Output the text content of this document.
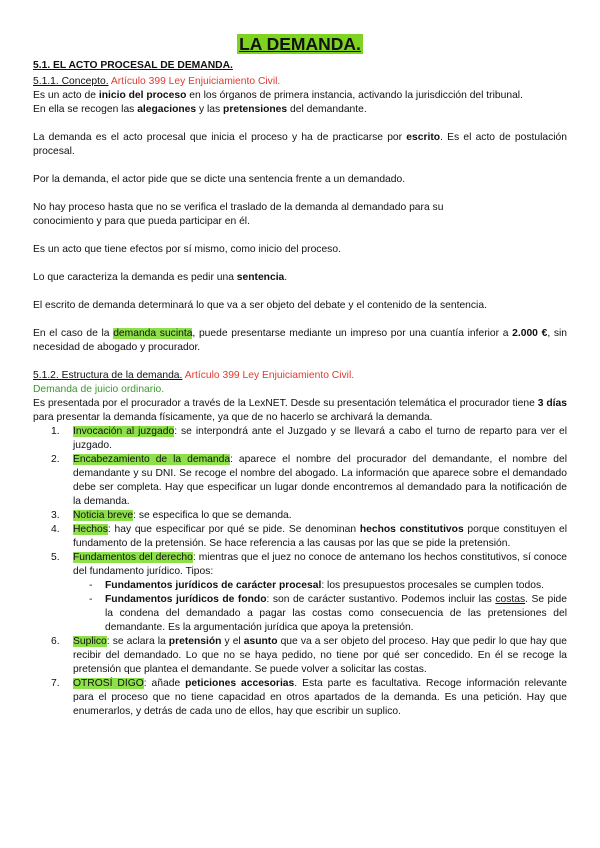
LA DEMANDA.
5.1. EL ACTO PROCESAL DE DEMANDA.
5.1.1. Concepto. Artículo 399 Ley Enjuiciamiento Civil.

Es un acto de inicio del proceso en los órganos de primera instancia, activando la jurisdicción del tribunal.
En ella se recogen las alegaciones y las pretensiones del demandante.

La demanda es el acto procesal que inicia el proceso y ha de practicarse por escrito. Es el acto de postulación procesal.

Por la demanda, el actor pide que se dicte una sentencia frente a un demandado.

No hay proceso hasta que no se verifica el traslado de la demanda al demandado para su
conocimiento y para que pueda participar en él.

Es un acto que tiene efectos por sí mismo, como inicio del proceso.

Lo que caracteriza la demanda es pedir una sentencia.

El escrito de demanda determinará lo que va a ser objeto del debate y el contenido de la sentencia.

En el caso de la demanda sucinta, puede presentarse mediante un impreso por una cuantía inferior a 2.000 €, sin necesidad de abogado y procurador.

5.1.2. Estructura de la demanda. Artículo 399 Ley Enjuiciamiento Civil.
Demanda de juicio ordinario.

Es presentada por el procurador a través de la LexNET. Desde su presentación telemática el procurador tiene 3 días para presentar la demanda físicamente, ya que de no hacerlo se archivará la demanda.

1. Invocación al juzgado: se interpondrá ante el Juzgado y se llevará a cabo el turno de reparto para ver el juzgado.
2. Encabezamiento de la demanda: aparece el nombre del procurador del demandante, el nombre del demandante y su DNI. Se recoge el nombre del abogado. La información que aparece sobre el demandado debe ser completa. Hay que especificar un lugar donde encontremos al demandado para la notificación de la demanda.
3. Noticia breve: se especifica lo que se demanda.
4. Hechos: hay que especificar por qué se pide. Se denominan hechos constitutivos porque constituyen el fundamento de la pretensión. Se hace referencia a las causas por las que se pide la pretensión.
5. Fundamentos del derecho: mientras que el juez no conoce de antemano los hechos constitutivos, sí conoce del fundamento jurídico. Tipos:
- Fundamentos jurídicos de carácter procesal: los presupuestos procesales se cumplen todos.
- Fundamentos jurídicos de fondo: son de carácter sustantivo. Podemos incluir las costas. Se pide la condena del demandado a pagar las costas como consecuencia de las pretensiones del demandante. Es la argumentación jurídica que apoya la pretensión.
6. Suplico: se aclara la pretensión y el asunto que va a ser objeto del proceso. Hay que pedir lo que hay que recibir del demandado. Lo que no se haya pedido, no tiene por qué ser concedido. En él se recoge la pretensión que plantea el demandante. Se puede volver a solicitar las costas.
7. OTROSÍ DIGO: añade peticiones accesorias. Esta parte es facultativa. Recoge información relevante para el proceso que no tiene capacidad en otros apartados de la demanda. Es una petición. Hay que enumerarlos, y detrás de cada uno de ellos, hay que escribir un suplico.
